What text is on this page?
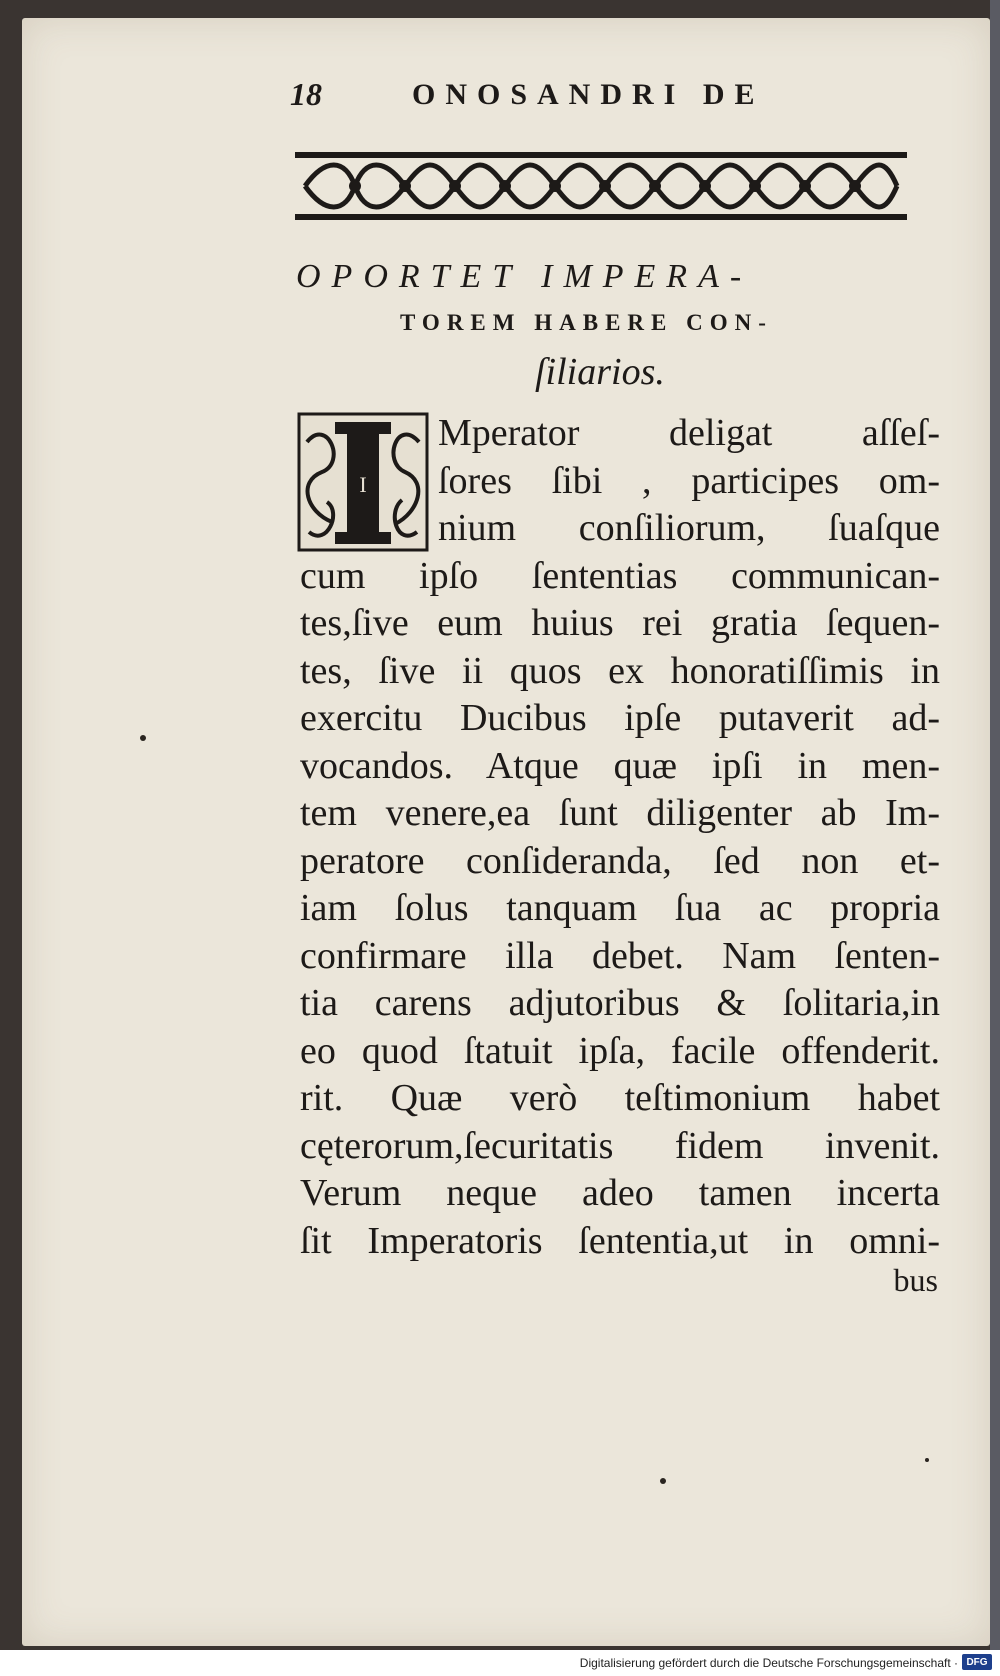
18	ONOSANDRI DE
OPORTET IMPERA-
TOREM HABERE CON-
ſiliarios.
I
Mperator deligat aſſeſ-
ſores ſibi , participes om-
nium conſiliorum, ſuaſque
cum ipſo ſententias communican-
tes,ſive eum huius rei gratia ſequen-
tes, ſive ii quos ex honoratiſſimis in
exercitu Ducibus ipſe putaverit ad-
vocandos. Atque quæ ipſi in men-
tem venere,ea ſunt diligenter ab Im-
peratore conſideranda, ſed non et-
iam ſolus tanquam ſua ac propria
confirmare illa debet. Nam ſenten-
tia carens adjutoribus & ſolitaria,in
eo quod ſtatuit ipſa, facile offenderit.
rit. Quæ verò teſtimonium habet
cęterorum,ſecuritatis fidem invenit.
Verum neque adeo tamen incerta
ſit Imperatoris ſententia,ut in omni-
bus
Digitalisierung gefördert durch die Deutsche Forschungsgemeinschaft · DFG
